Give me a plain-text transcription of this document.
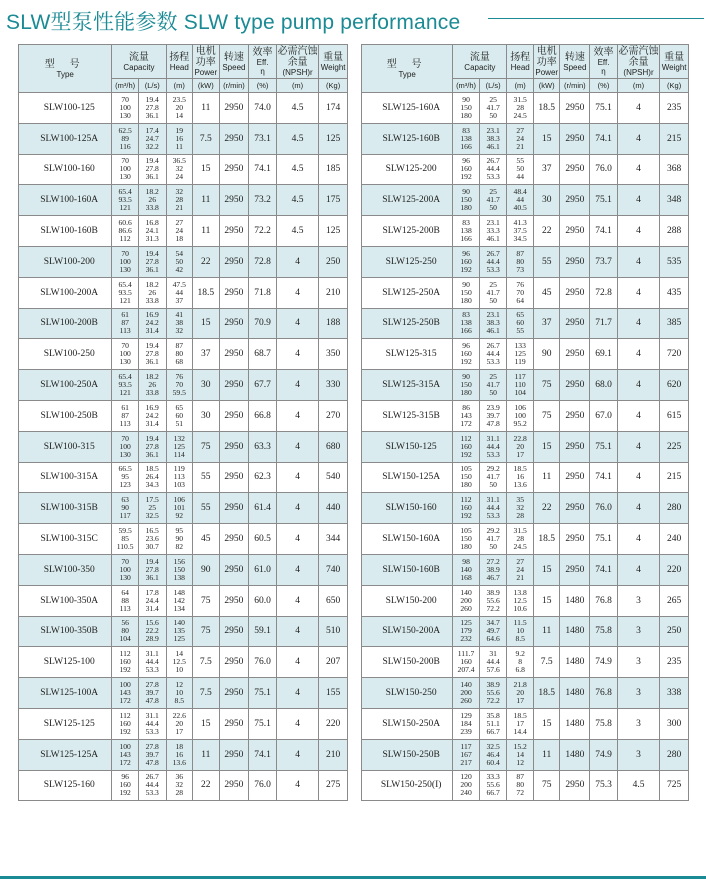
SLW型泵性能参数 SLW type pump performance
型 号
Type	流量
Capacity		扬程
Head	电机功率
Power	转速
Speed	效率
Eff.
η	必需汽蚀余量
(NPSH)r	重量
Weight

	(m³/h)	(L/s)	(m)	(kW)	(r/min)	(%)	(m)	(Kg)
SLW100-125	70
100
130	19.4
27.8
36.1	23.5
20
14	11	2950	74.0	4.5	174
SLW100-125A	62.5
89
116	17.4
24.7
32.2	19
16
11	7.5	2950	73.1	4.5	125
SLW100-160	70
100
130	19.4
27.8
36.1	36.5
32
24	15	2950	74.1	4.5	185
SLW100-160A	65.4
93.5
121	18.2
26
33.8	32
28
21	11	2950	73.2	4.5	175
SLW100-160B	60.6
86.6
112	16.8
24.1
31.3	27
24
18	11	2950	72.2	4.5	125
SLW100-200	70
100
130	19.4
27.8
36.1	54
50
42	22	2950	72.8	4	250
SLW100-200A	65.4
93.5
121	18.2
26
33.8	47.5
44
37	18.5	2950	71.8	4	210
SLW100-200B	61
87
113	16.9
24.2
31.4	41
38
32	15	2950	70.9	4	188
SLW100-250	70
100
130	19.4
27.8
36.1	87
80
68	37	2950	68.7	4	350
SLW100-250A	65.4
93.5
121	18.2
26
33.8	76
70
59.5	30	2950	67.7	4	330
SLW100-250B	61
87
113	16.9
24.2
31.4	65
60
51	30	2950	66.8	4	270
SLW100-315	70
100
130	19.4
27.8
36.1	132
125
114	75	2950	63.3	4	680
SLW100-315A	66.5
95
123	18.5
26.4
34.3	119
113
103	55	2950	62.3	4	540
SLW100-315B	63
90
117	17.5
25
32.5	106
101
92	55	2950	61.4	4	440
SLW100-315C	59.5
85
110.5	16.5
23.6
30.7	95
90
82	45	2950	60.5	4	344
SLW100-350	70
100
130	19.4
27.8
36.1	156
150
138	90	2950	61.0	4	740
SLW100-350A	64
88
113	17.8
24.4
31.4	148
142
134	75	2950	60.0	4	650
SLW100-350B	56
80
104	15.6
22.2
28.9	140
135
125	75	2950	59.1	4	510
SLW125-100	112
160
192	31.1
44.4
53.3	14
12.5
10	7.5	2950	76.0	4	207
SLW125-100A	100
143
172	27.8
39.7
47.8	12
10
8.5	7.5	2950	75.1	4	155
SLW125-125	112
160
192	31.1
44.4
53.3	22.6
20
17	15	2950	75.1	4	220
SLW125-125A	100
143
172	27.8
39.7
47.8	18
16
13.6	11	2950	74.1	4	210
SLW125-160	96
160
192	26.7
44.4
53.3	36
32
28	22	2950	76.0	4	275
型 号
Type	流量
Capacity		扬程
Head	电机功率
Power	转速
Speed	效率
Eff.
η	必需汽蚀余量
(NPSH)r	重量
Weight

	(m³/h)	(L/s)	(m)	(kW)	(r/min)	(%)	(m)	(Kg)
SLW125-160A	90
150
180	25
41.7
50	31.5
28
24.5	18.5	2950	75.1	4	235
SLW125-160B	83
138
166	23.1
38.3
46.1	27
24
21	15	2950	74.1	4	215
SLW125-200	96
160
192	26.7
44.4
53.3	55
50
44	37	2950	76.0	4	368
SLW125-200A	90
150
180	25
41.7
50	48.4
44
40.5	30	2950	75.1	4	348
SLW125-200B	83
138
166	23.1
33.3
46.1	41.3
37.5
34.5	22	2950	74.1	4	288
SLW125-250	96
160
192	26.7
44.4
53.3	87
80
73	55	2950	73.7	4	535
SLW125-250A	90
150
180	25
41.7
50	76
70
64	45	2950	72.8	4	435
SLW125-250B	83
138
166	23.1
38.3
46.1	65
60
55	37	2950	71.7	4	385
SLW125-315	96
160
192	26.7
44.4
53.3	133
125
119	90	2950	69.1	4	720
SLW125-315A	90
150
180	25
41.7
50	117
110
104	75	2950	68.0	4	620
SLW125-315B	86
143
172	23.9
39.7
47.8	106
100
95.2	75	2950	67.0	4	615
SLW150-125	112
160
192	31.1
44.4
53.3	22.8
20
17	15	2950	75.1	4	225
SLW150-125A	105
150
180	29.2
41.7
50	18.5
16
13.6	11	2950	74.1	4	215
SLW150-160	112
160
192	31.1
44.4
53.3	35
32
28	22	2950	76.0	4	280
SLW150-160A	105
150
180	29.2
41.7
50	31.5
28
24.5	18.5	2950	75.1	4	240
SLW150-160B	98
140
168	27.2
38.9
46.7	27
24
21	15	2950	74.1	4	220
SLW150-200	140
200
260	38.9
55.6
72.2	13.8
12.5
10.6	15	1480	76.8	3	265
SLW150-200A	125
179
232	34.7
49.7
64.6	11.5
10
8.5	11	1480	75.8	3	250
SLW150-200B	111.7
160
207.4	31
44.4
57.6	9.2
8
6.8	7.5	1480	74.9	3	235
SLW150-250	140
200
260	38.9
55.6
72.2	21.8
20
17	18.5	1480	76.8	3	338
SLW150-250A	129
184
239	35.8
51.1
66.7	18.5
17
14.4	15	1480	75.8	3	300
SLW150-250B	117
167
217	32.5
46.4
60.4	15.2
14
12	11	1480	74.9	3	280
SLW150-250(I)	120
200
240	33.3
55.6
66.7	87
80
72	75	2950	75.3	4.5	725
